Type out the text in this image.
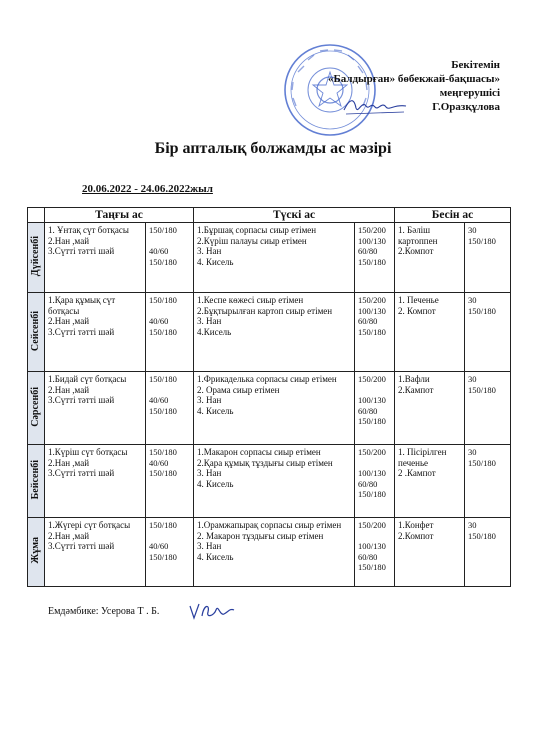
Бекітемін
«Балдырған» бөбекжай-бақшасы»
меңгерушісі
Г.Оразқұлова
Бір апталық болжамды ас мәзірі
20.06.2022 - 24.06.2022жыл
	Таңғы ас		Түскі ас		Бесін ас	
Дүйсенбі	1. Ұнтақ сүт ботқасы
2.Нан ,май
3.Сүтті тәтті шәй	150/180

40/60
150/180	1.Бұршақ сорпасы сиыр етімен
2.Күріш палауы сиыр етімен
3. Нан
4. Кисель	150/200
100/130
60/80
150/180	1. Бәліш картоппен
2.Компот	30
150/180

Сейсенбі	1.Қара құмық сүт ботқасы
2.Нан ,май
3.Сүтті тәтті шәй	150/180

40/60
150/180	1.Кеспе көжесі сиыр етімен
2.Бұқтырылған картоп сиыр етімен
3. Нан
4.Кисель	150/200
100/130
60/80
150/180	1. Печенье
2. Компот	30
150/180

Сәрсенбі	1.Бидай сүт ботқасы
2.Нан ,май
3.Сүтті тәтті шәй	150/180

40/60
150/180	1.Фрикаделька сорпасы сиыр етімен
2. Орама сиыр етімен
3. Нан
4. Кисель	150/200

100/130
60/80
150/180	1.Вафли
2.Кампот	30
150/180

Бейсенбі	1.Күріш сүт ботқасы
2.Нан ,май
3.Сүтті тәтті шәй	150/180
40/60
150/180	1.Макарон сорпасы сиыр етімен
2.Қара құмық тұздығы сиыр етімен
3. Нан
4. Кисель	150/200

100/130
60/80
150/180	1. Пісірілген печенье
2 .Кампот	30
150/180

Жұма	1.Жүгері сүт ботқасы
2.Нан ,май
3.Сүтті тәтті шәй	150/180

40/60
150/180	1.Орамжапырақ сорпасы сиыр етімен
2. Макарон тұздығы сиыр етімен
3. Нан
4. Кисель	150/200

100/130
60/80
150/180	1.Конфет
2.Компот	30
150/180
Емдәмбике: Усерова Т . Б.
